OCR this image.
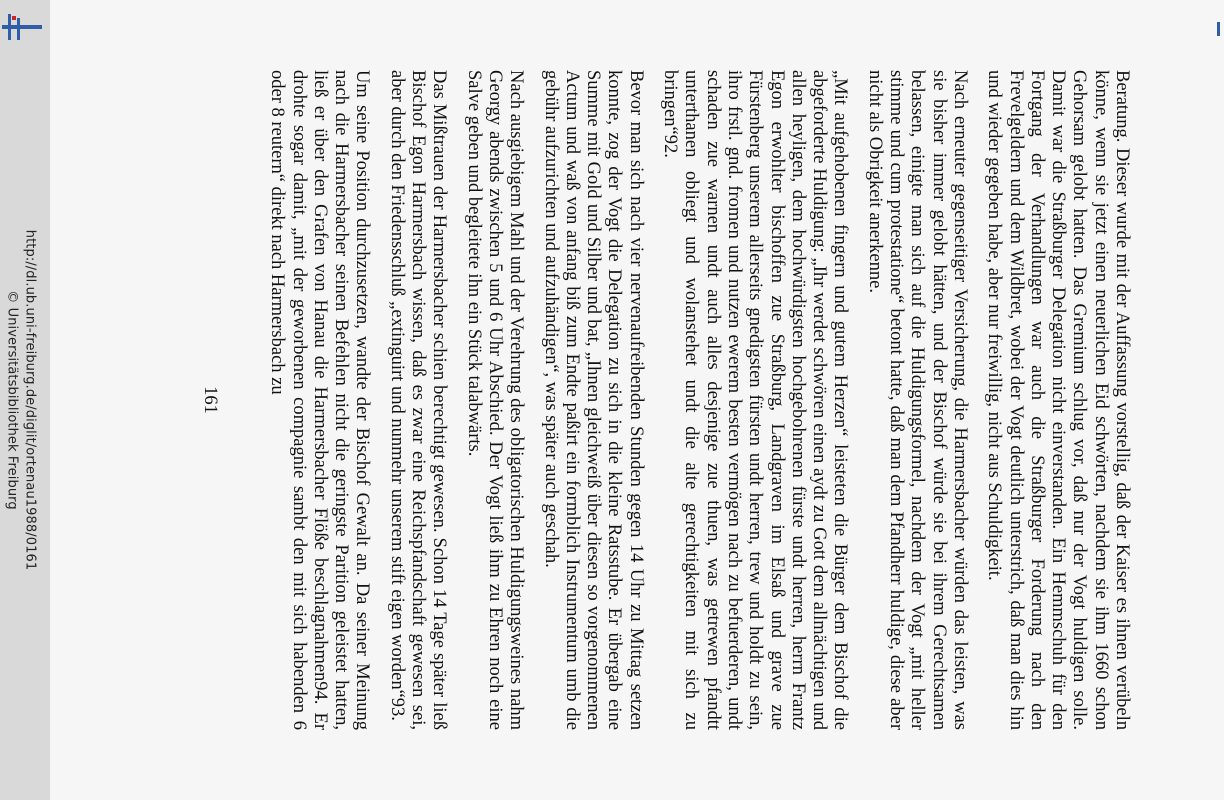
http://dl.ub.uni-freiburg.de/diglit/ortenau1988/0161
© Universitätsbibliothek Freiburg	Beratung. Dieser wurde mit der Auffassung vorstellig, daß der Kaiser es ihnen verübeln könne, wenn sie jetzt einen neuerlichen Eid schwörten, nachdem sie ihm 1660 schon Gehorsam gelobt hatten. Das Gremium schlug vor, daß nur der Vogt huldigen solle. Damit war die Straßburger Delegation nicht einverstanden. Ein Hemmschuh für den Fortgang der Verhandlungen war auch die Straßburger Forderung nach den Frevelgeldern und dem Wildbret, wobei der Vogt deutlich unterstrich, daß man dies hin und wieder gegeben habe, aber nur freiwillig, nicht aus Schuldigkeit.

Nach erneuter gegenseitiger Versicherung, die Harmersbacher würden das leisten, was sie bisher immer gelobt hätten, und der Bischof würde sie bei ihrem Gerechtsamen belassen, einigte man sich auf die Huldigungsformel, nachdem der Vogt „mit heller stimme und cum protestatione“ betont hatte, daß man dem Pfandherr huldige, diese aber nicht als Obrigkeit anerkenne.

„Mit aufgehobenen fingern und gutem Herzen“ leisteten die Bürger dem Bischof die abgeforderte Huldigung: „Ihr werdet schwören einen aydt zu Gott dem allmächtigen und allen heyligen, dem hochwürdigsten hochgebohrenen fürste undt herren, herrn Frantz Egon erwohlter bischoffen zue Straßburg, Landgraven im Elsaß und grave zue Fürstenberg unserem allerseits gnedigsten fürsten undt herren, trew und holdt zu sein, ihro frstl. gnd. fromen und nutzen ewerem besten vermögen nach zu befuerderen, undt schaden zue warnen undt auch alles desjenige zue thuen, was getrewen pfandtt unterthanen obliegt und wolanstehet undt die alte gerechtigkeiten mit sich zu bringen“92.

Bevor man sich nach vier nervenaufreibenden Stunden gegen 14 Uhr zu Mittag setzen konnte, zog der Vogt die Delegation zu sich in die kleine Ratsstube. Er übergab eine Summe mit Gold und Silber und bat, „Ihnen gleichweiß über diesen so vorgenommenen Actum und waß von anfang biß zum Endte paßirt ein formblich Instrumentum umb die gebühr aufzurichten und aufzuhändigen“, was später auch geschah.

Nach ausgiebigem Mahl und der Verehrung des obligatorischen Huldigungsweines nahm Georgy abends zwischen 5 und 6 Uhr Abschied. Der Vogt ließ ihm zu Ehren noch eine Salve geben und begleitete ihn ein Stück talabwärts.

Das Mißtrauen der Harmersbacher schien berechtigt gewesen. Schon 14 Tage später ließ Bischof Egon Harmersbach wissen, daß es zwar eine Reichspfandschaft gewesen sei, aber durch den Friedensschluß „extinguirt und nunmehr unserem stift eigen worden“93.

Um seine Position durchzusetzen, wandte der Bischof Gewalt an. Da seiner Meinung nach die Harmersbacher seinen Befehlen nicht die geringste Parition geleistet hatten, ließ er über den Grafen von Hanau die Harmersbacher Flöße beschlagnahmen94. Er drohte sogar damit, „mit der geworbenen compagnie sambt den mit sich habenden 6 oder 8 reutern“ direkt nach Harmersbach zu

161
